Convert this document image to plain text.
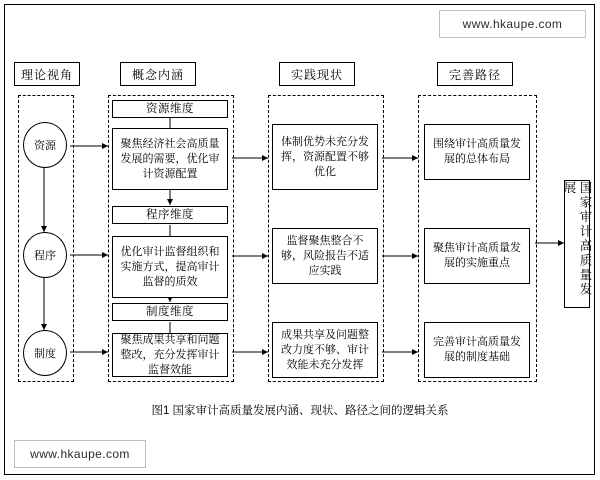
理论视角	概念内涵	实践现状	完善路径
资源
程序
制度
资源维度
聚焦经济社会高质量发展的需要，优化审计资源配置
程序维度
优化审计监督组织和实施方式，提高审计监督的质效
制度维度
聚焦成果共享和问题整改，充分发挥审计监督效能
体制优势未充分发挥，资源配置不够优化
监督聚焦整合不够，风险报告不适应实践
成果共享及问题整改力度不够、审计效能未充分发挥
围绕审计高质量发展的总体布局
聚焦审计高质量发展的实施重点
完善审计高质量发展的制度基础
国家审计高质量发展
图1 国家审计高质量发展内涵、现状、路径之间的逻辑关系
www.hkaupe.com
www.hkaupe.com
